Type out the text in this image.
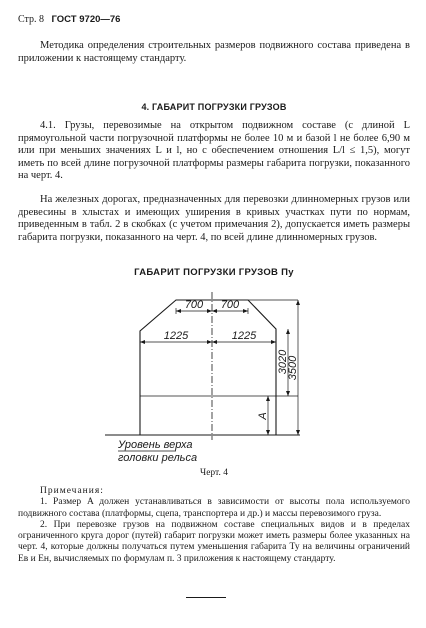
Стр. 8 ГОСТ 9720—76
Методика определения строительных размеров подвижного состава приведена в приложении к настоящему стандарту.
4. ГАБАРИТ ПОГРУЗКИ ГРУЗОВ
4.1. Грузы, перевозимые на открытом подвижном составе (с длиной L прямоугольной части погрузочной платформы не более 10 м и базой l не более 6,90 м или при меньших значениях L и l, но с обеспечением отношения L/l ≤ 1,5), могут иметь по всей длине погрузочной платформы размеры габарита погрузки, показанного на черт. 4.
На железных дорогах, предназначенных для перевозки длинномерных грузов или древесины в хлыстах и имеющих уширения в кривых участках пути по нормам, приведенным в табл. 2 в скобках (с учетом примечания 2), допускается иметь размеры габарита погрузки, показанного на черт. 4, по всей длине длинномерных грузов.
ГАБАРИТ ПОГРУЗКИ ГРУЗОВ Пу
700 700
1225	1225
3020
3500
A
Уровень верха
головки рельса
Черт. 4
Примечания:
1. Размер A должен устанавливаться в зависимости от высоты пола используемого подвижного состава (платформы, сцепа, транспортера и др.) и массы перевозимого груза.
2. При перевозке грузов на подвижном составе специальных видов и в пределах ограниченного круга дорог (путей) габарит погрузки может иметь размеры более указанных на черт. 4, которые должны получаться путем уменьшения габарита Ту на величины ограничений Eв и Eн, вычисляемых по формулам п. 3 приложения к настоящему стандарту.
